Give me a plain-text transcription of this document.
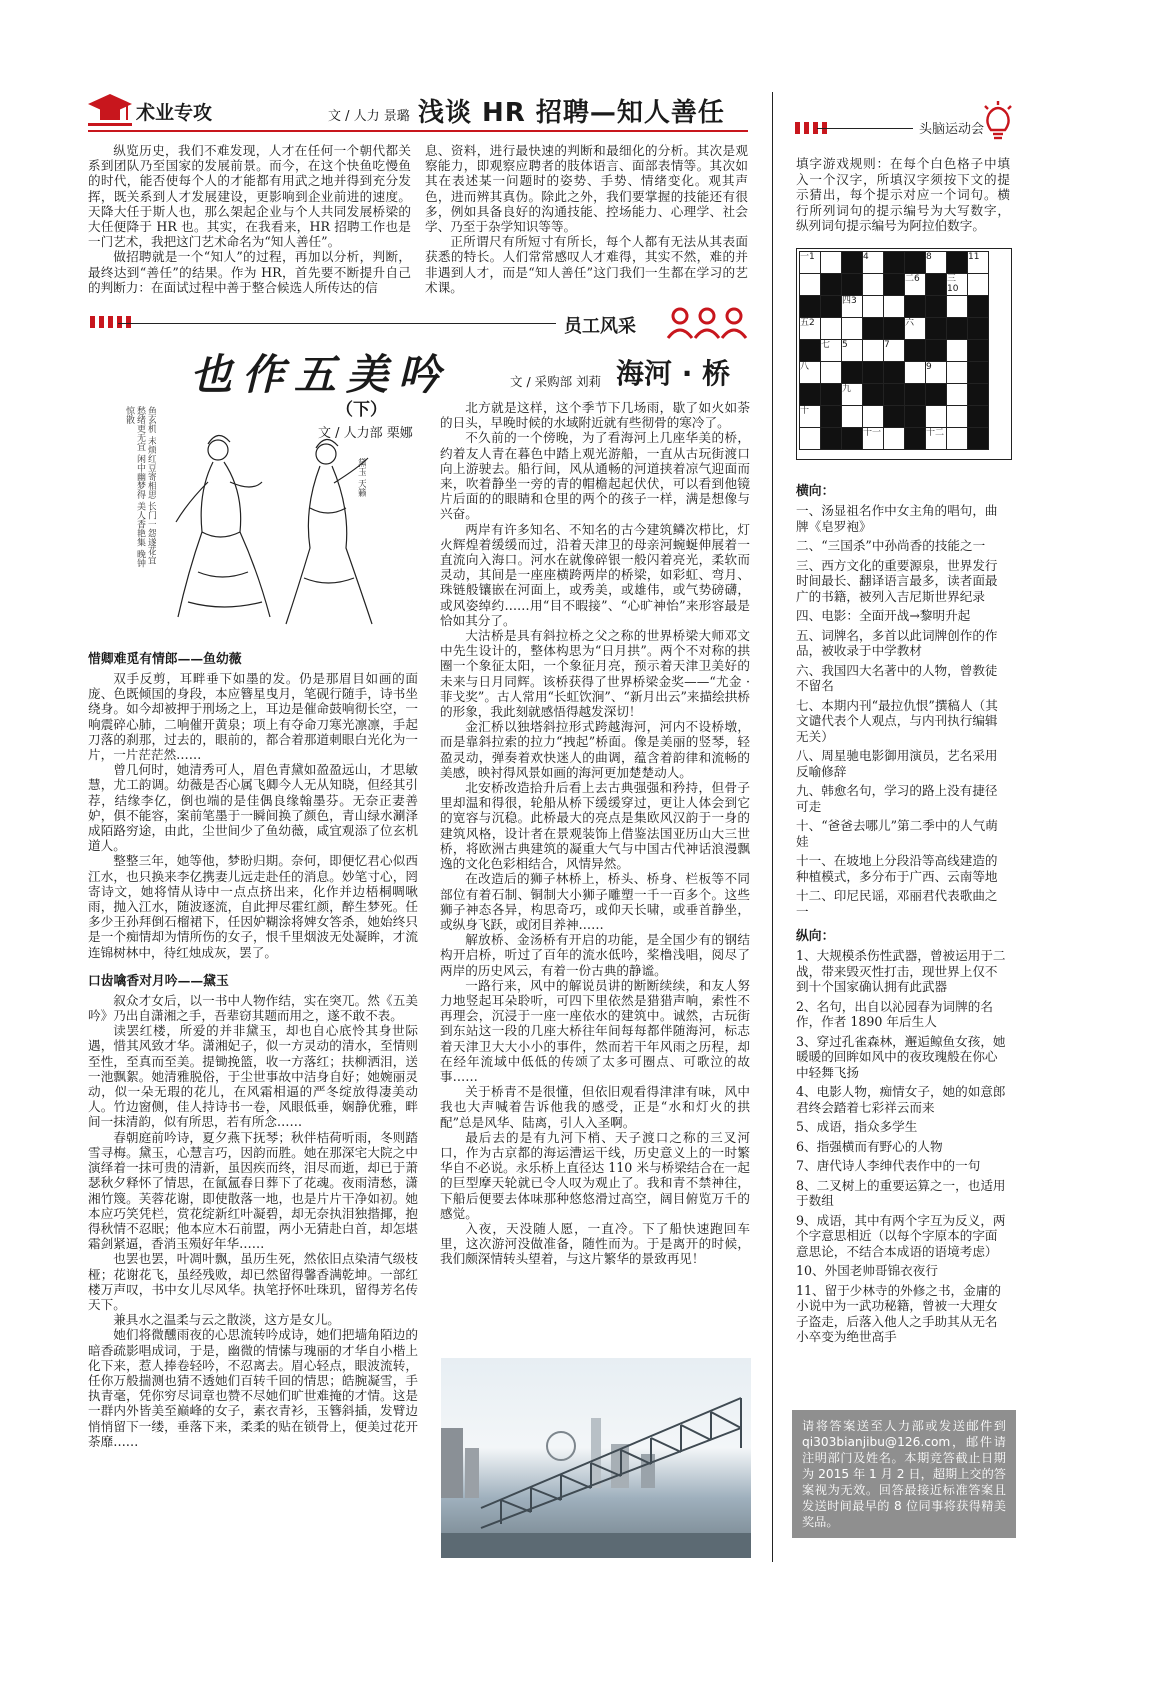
术业专攻	文 / 人力 景璐 浅谈 HR 招聘—知人善任

纵览历史，我们不难发现，人才在任何一个朝代都关系到团队乃至国家的发展前景。而今，在这个快鱼吃慢鱼的时代，能否使每个人的才能都有用武之地并得到充分发挥，既关系到人才发展建设，更影响到企业前进的速度。天降大任于斯人也，那么架起企业与个人共同发展桥梁的大任便降于 HR 也。其实，在我看来，HR 招聘工作也是一门艺术，我把这门艺术命名为“知人善任”。

做招聘就是一个“知人”的过程，再加以分析，判断，最终达到“善任”的结果。作为 HR，首先要不断提升自己的判断力：在面试过程中善于整合候选人所传达的信

息、资料，进行最快速的判断和最细化的分析。其次是观察能力，即观察应聘者的肢体语言、面部表情等。其次如其在表述某一问题时的姿势、手势、情绪变化。观其声色，进而辨其真伪。除此之外，我们要掌握的技能还有很多，例如具备良好的沟通技能、控场能力、心理学、社会学、乃至于杂学知识等等。

正所谓尺有所短寸有所长，每个人都有无法从其表面获悉的特长。人们常常感叹人才难得，其实不然，难的并非遇到人才，而是“知人善任”这门我们一生都在学习的艺术课。

员工风采
也作五美吟
（下）
文 / 人力部 栗娜
鱼玄机 未烦红豆寄相思 长门一怨遂花宜 愁绪更无宜 闲中幽梦得 美人香艳集 晚钟惊散
黛玉 天籁
惜卿难觅有情郎——鱼幼薇

双手反剪，耳畔垂下如墨的发。仍是那眉目如画的面庞、色既倾国的身段，本应簪星曳月，笔砚行随手，诗书坐绕身。如今却被押于刑场之上，耳边是催命鼓响彻长空，一响震碎心肺，二响催开黄泉；项上有夺命刀寒光凛凛，手起刀落的刹那，过去的，眼前的，都合着那道刺眼白光化为一片，一片茫茫然……

曾几何时，她清秀可人，眉色青黛如盈盈远山，才思敏慧，尤工韵调。幼薇是否心属飞卿今人无从知晓，但经其引荐，结缘李亿，倒也端的是佳偶良缘翰墨芬。无奈正妻善妒，俱不能容，案前笔墨于一瞬间换了颜色，青山绿水涮泽成陌路穷途，由此，尘世间少了鱼幼薇，咸宜观添了位玄机道人。

整整三年，她等他，梦盼归期。奈何，即便忆君心似西江水，也只换来李亿携妻儿远走赴任的消息。妙笔寸心，罔寄诗文，她将情从诗中一点点挤出来，化作并边梧桐啁啾雨，抛入江水，随波逐流，自此押尽霍红颜，醉生梦死。任多少王孙拜倒石榴裙下，任因妒糊涂将婢女答杀，她始终只是一个痴情却为情所伤的女子，恨千里烟波无处凝眸，才流连锦树林中，待红烛成灰，罢了。

口齿噙香对月吟——黛玉

叙众才女后，以一书中人物作结，实在突兀。然《五美吟》乃出自潇湘之手，吾辈窃其题而用之，遂不敢不表。

读罢红楼，所爱的并非黛玉，却也自心底怜其身世际遇，惜其风致才华。潇湘妃子，似一方灵动的清水，至情则至性，至真而至美。提锄挽篮，收一方落红；扶柳洒泪，送一池飘絮。她清雅脱俗，于尘世事故中洁身自好；她婉丽灵动，似一朵无瑕的花儿，在风霜相逼的严冬绽放得凄美动人。竹边窗侧，佳人持诗书一卷，风眼低垂，娴静优雅，畔间一抹清韵，似有所思，若有所念……

春朝庭前吟诗，夏夕燕下抚琴；秋伴桔荷听雨，冬则踏雪寻梅。黛玉，心慧言巧，因韵而胜。她在那深宅大院之中演绎着一抹可贵的清新，虽因疾而终，泪尽而逝，却已于萧瑟秋夕释怀了情思，在氤氲春日葬下了花魂。夜雨清愁，潇湘竹篾。芙蓉花谢，即使散落一地，也是片片干净如初。她本应巧笑凭栏，赏花绽新红叶凝碧，却无奈执泪独揩揶，抱得秋情不忍眠；他本应木石前盟，两小无猜赴白首，却怎堪霜剑紧逼，香消玉殒好年华……

也罢也罢，叶凋叶飘，虽历生死，然依旧点染清气级枝桠；花谢花飞，虽经残败，却已然留得馨香满乾坤。一部红楼万声叹，书中女儿尽风华。执笔抒怀吐珠玑，留得芳名传天下。

兼具水之温柔与云之散淡，这方是女儿。

她们将微醺雨夜的心思流转吟成诗，她们把墙角陌边的暗香疏影唱成词，于是，幽微的情愫与瑰丽的才华自小楷上化下来，惹人捧卷轻吟，不忍离去。眉心轻点，眼波流转，任你万般揣测也猜不透她们百转千回的情思；皓腕凝雪，手执青毫，凭你穷尽词章也赞不尽她们旷世难掩的才情。这是一群内外皆美至巅峰的女子，素衣青衫，玉簪斜插，发臂边悄悄留下一缕，垂落下来，柔柔的贴在锁骨上，便美过花开荼靡……

文 / 采购部 刘莉 海河 · 桥

北方就是这样，这个季节下几场雨，歇了如火如荼的日头，早晚时候的水域附近就有些彻骨的寒冷了。

不久前的一个傍晚，为了看海河上几座华美的桥，约着友人青在暮色中踏上观光游船，一直从古玩街渡口向上游驶去。船行间，风从通畅的河道挟着凉气迎面而来，吹着静坐一旁的青的帽檐起起伏伏，可以看到他镜片后面的的眼睛和仓里的两个的孩子一样，满是想像与兴奋。

两岸有许多知名、不知名的古今建筑鳞次栉比，灯火辉煌着缓缓而过，沿着天津卫的母亲河蜿蜒伸展着一直流向入海口。河水在就像碎银一般闪着亮光，柔软而灵动，其间是一座座横跨两岸的桥梁，如彩虹、弯月、珠链般镶嵌在河面上，或秀美，或雄伟，或气势磅礴，或风姿绰约……用“目不暇接”、“心旷神怡”来形容最是恰如其分了。

大沽桥是具有斜拉桥之父之称的世界桥梁大师邓文中先生设计的，整体构思为“日月拱”。两个不对称的拱圈一个象征太阳，一个象征月亮，预示着天津卫美好的未来与日月同辉。该桥获得了世界桥梁金奖——“尤金 · 菲戈奖”。古人常用“长虹饮涧”、“新月出云”来描绘拱桥的形象，我此刻就感悟得越发深切！

金汇桥以独塔斜拉形式跨越海河，河内不设桥墩，而是靠斜拉索的拉力“拽起”桥面。像是美丽的竖琴，轻盈灵动，弹奏着欢快迷人的曲调，蕴含着韵律和流畅的美感，映衬得风景如画的海河更加楚楚动人。

北安桥改造拾升后看上去古典强强和矜持，但骨子里却温和得很，轮船从桥下缓缓穿过，更让人体会到它的宽容与沉稳。此桥最大的亮点是集欧风汉韵于一身的建筑风格，设计者在景观装饰上借鉴法国亚历山大三世桥，将欧洲古典建筑的凝重大气与中国古代神话浪漫飘逸的文化色彩相结合，风情异然。

在改造后的狮子林桥上，桥头、桥身、栏板等不同部位有着石制、铜制大小狮子雕塑一千一百多个。这些狮子神态各异，构思奇巧，或仰天长啸，或垂首静坐，或纵身飞跃，或闭目养神……

解放桥、金汤桥有开启的功能，是全国少有的钢结构开启桥，听过了百年的流水低吟，桨橹浅唱，阅尽了两岸的历史风云，有着一份古典的静谧。

一路行来，风中的解说员讲的断断续续，和友人努力地竖起耳朵聆听，可四下里依然是猎猎声响，索性不再理会，沉浸于一座一座依水的建筑中。诚然，古玩街到东站这一段的几座大桥往年间每每都伴随海河，标志着天津卫大大小小的事件，然而若干年风雨之历程，却在经年流域中低低的传颂了太多可圈点、可歌泣的故事……

关于桥青不是很懂，但依旧观看得津津有味，风中我也大声喊着告诉他我的感受，正是“水和灯火的拱配”总是风华、陆离，引人入圣啊。

最后去的是有九河下梢、天子渡口之称的三叉河口，作为古京都的海运漕运干线，历史意义上的一时繁华自不必说。永乐桥上直径达 110 米与桥梁结合在一起的巨型摩天轮就已令人叹为观止了。我和青不禁神往，下船后便要去体味那种悠悠滑过高空，阔目俯览万千的感觉。

入夜，天没随人愿，一直冷。下了船快速跑回车里，这次游河没做准备，随性而为。于是离开的时候，我们颇深情转头望着，与这片繁华的景致再见！

头脑运动会
填字游戏规则：在每个白色格子中填入一个汉字，所填汉字须按下文的提示猜出，每个提示对应一个词句。横行所列词句的提示编号为大写数字，纵列词句提示编号为阿拉伯数字。
一1			4			8		11
					二6		三10	
		四3						
五2					六			
	七	5		7				
八						9		
		九						
十								
			十一			十二		
横向：

一、汤显祖名作中女主角的唱句，曲牌《皂罗袍》

二、“三国杀”中孙尚香的技能之一

三、西方文化的重要源泉，世界发行时间最长、翻译语言最多，读者面最广的书籍，被列入吉尼斯世界纪录

四、电影：全面开战→黎明升起

五、词牌名，多首以此词牌创作的作品，被收录于中学教材

六、我国四大名著中的人物，曾教徒不留名

七、本期内刊“最拉仇恨”撰稿人（其文谴代表个人观点，与内刊执行编辑无关）

八、周星驰电影御用演员，艺名采用反喻修辞

九、韩愈名句，学习的路上没有捷径可走

十、“爸爸去哪儿”第二季中的人气萌娃

十一、在坡地上分段沿等高线建造的种植模式，多分布于广西、云南等地

十二、印尼民谣，邓丽君代表歌曲之一

纵向：

1、大规模杀伤性武器，曾被运用于二战，带来毁灭性打击，现世界上仅不到十个国家确认拥有此武器

2、名句，出自以沁园春为词牌的名作，作者 1890 年后生人

3、穿过孔雀森林，邂逅鲸鱼女孩，她暖暖的回眸如风中的夜玫瑰般在你心中轻舞飞扬

4、电影人物，痴情女子，她的如意郎君终会踏着七彩祥云而来

5、成语，指众多学生

6、指强横而有野心的人物

7、唐代诗人李绅代表作中的一句

8、二叉树上的重要运算之一，也适用于数组

9、成语，其中有两个字互为反义，两个字意思相近（以每个字原本的字面意思论，不结合本成语的语境考虑）

10、外国老帅哥锦衣夜行

11、留于少林寺的外修之书，金庸的小说中为一武功秘籍，曾被一大理女子盗走，后落入他人之手助其从无名小卒变为绝世高手

请将答案送至人力部或发送邮件到qi303bianjibu@126.com，邮件请注明部门及姓名。本期竞答截止日期为 2015 年 1 月 2 日，超期上交的答案视为无效。回答最接近标准答案且发送时间最早的 8 位同事将获得精美奖品。
